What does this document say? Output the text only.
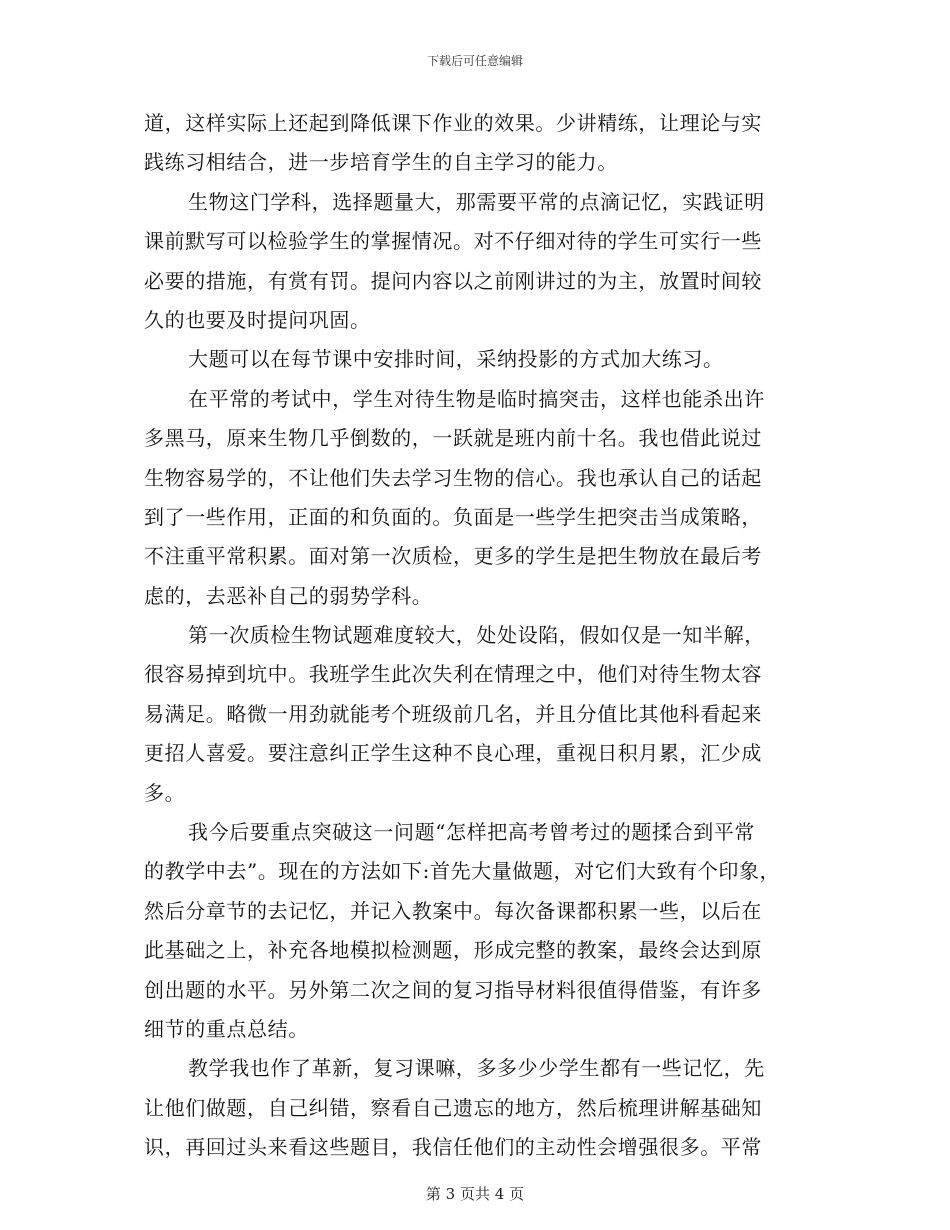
下载后可任意编辑
道，这样实际上还起到降低课下作业的效果。少讲精练，让理论与实
践练习相结合，进一步培育学生的自主学习的能力。
生物这门学科，选择题量大，那需要平常的点滴记忆，实践证明
课前默写可以检验学生的掌握情况。对不仔细对待的学生可实行一些
必要的措施，有赏有罚。提问内容以之前刚讲过的为主，放置时间较
久的也要及时提问巩固。
大题可以在每节课中安排时间，采纳投影的方式加大练习。
在平常的考试中，学生对待生物是临时搞突击，这样也能杀出许
多黑马，原来生物几乎倒数的，一跃就是班内前十名。我也借此说过
生物容易学的，不让他们失去学习生物的信心。我也承认自己的话起
到了一些作用，正面的和负面的。负面是一些学生把突击当成策略，
不注重平常积累。面对第一次质检，更多的学生是把生物放在最后考
虑的，去恶补自己的弱势学科。
第一次质检生物试题难度较大，处处设陷，假如仅是一知半解，
很容易掉到坑中。我班学生此次失利在情理之中，他们对待生物太容
易满足。略微一用劲就能考个班级前几名，并且分值比其他科看起来
更招人喜爱。要注意纠正学生这种不良心理，重视日积月累，汇少成
多。
我今后要重点突破这一问题“怎样把高考曾考过的题揉合到平常
的教学中去”。现在的方法如下:首先大量做题，对它们大致有个印象，
然后分章节的去记忆，并记入教案中。每次备课都积累一些，以后在
此基础之上，补充各地模拟检测题，形成完整的教案，最终会达到原
创出题的水平。另外第二次之间的复习指导材料很值得借鉴，有许多
细节的重点总结。
教学我也作了革新，复习课嘛，多多少少学生都有一些记忆，先
让他们做题，自己纠错，察看自己遗忘的地方，然后梳理讲解基础知
识，再回过头来看这些题目，我信任他们的主动性会增强很多。平常
第 3 页共 4 页
